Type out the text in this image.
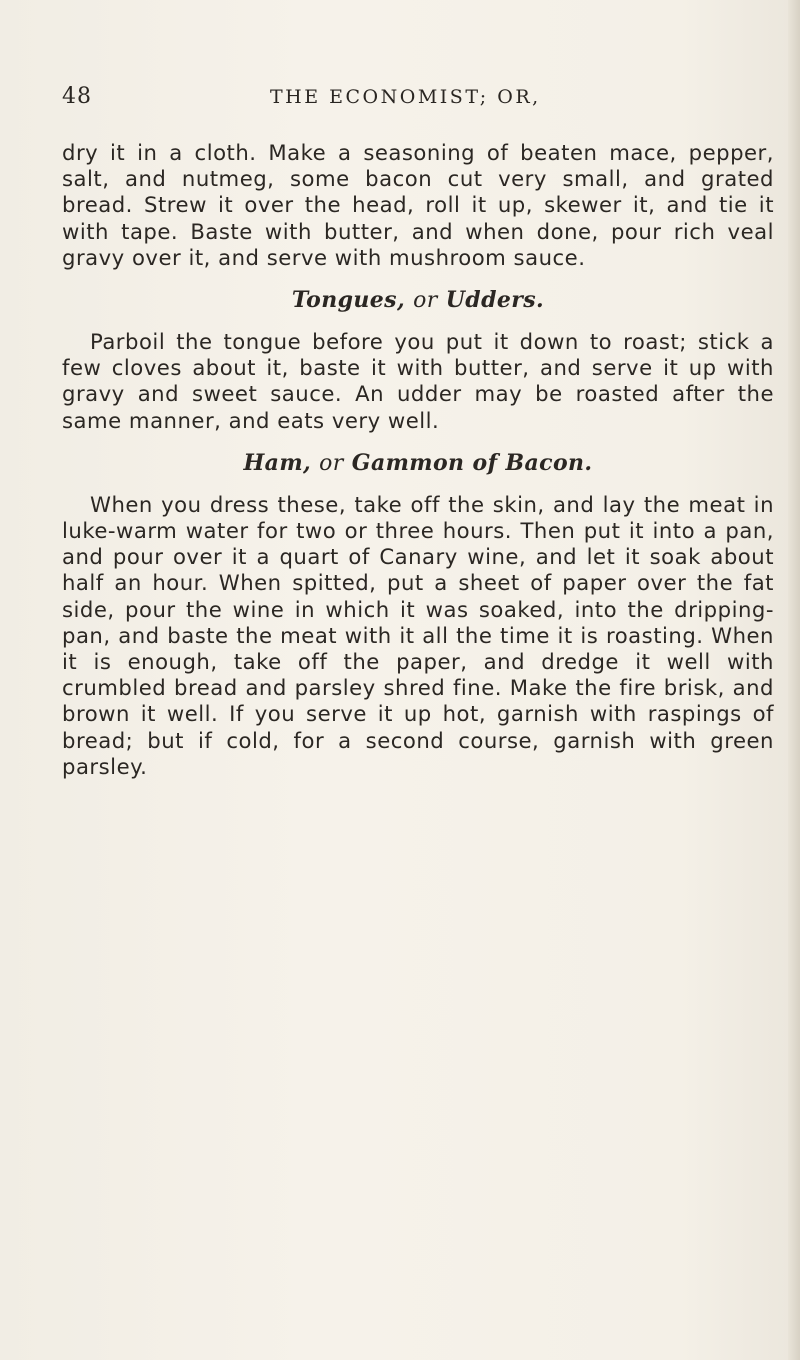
48	THE ECONOMIST; OR,

dry it in a cloth. Make a seasoning of beaten mace, pepper, salt, and nutmeg, some bacon cut very small, and grated bread. Strew it over the head, roll it up, skewer it, and tie it with tape. Baste with butter, and when done, pour rich veal gravy over it, and serve with mushroom sauce.

Tongues, or Udders.

Parboil the tongue before you put it down to roast; stick a few cloves about it, baste it with butter, and serve it up with gravy and sweet sauce. An udder may be roasted after the same manner, and eats very well.

Ham, or Gammon of Bacon.

When you dress these, take off the skin, and lay the meat in luke-warm water for two or three hours. Then put it into a pan, and pour over it a quart of Canary wine, and let it soak about half an hour. When spitted, put a sheet of paper over the fat side, pour the wine in which it was soaked, into the dripping-pan, and baste the meat with it all the time it is roasting. When it is enough, take off the paper, and dredge it well with crumbled bread and parsley shred fine. Make the fire brisk, and brown it well. If you serve it up hot, garnish with raspings of bread; but if cold, for a second course, garnish with green parsley.
